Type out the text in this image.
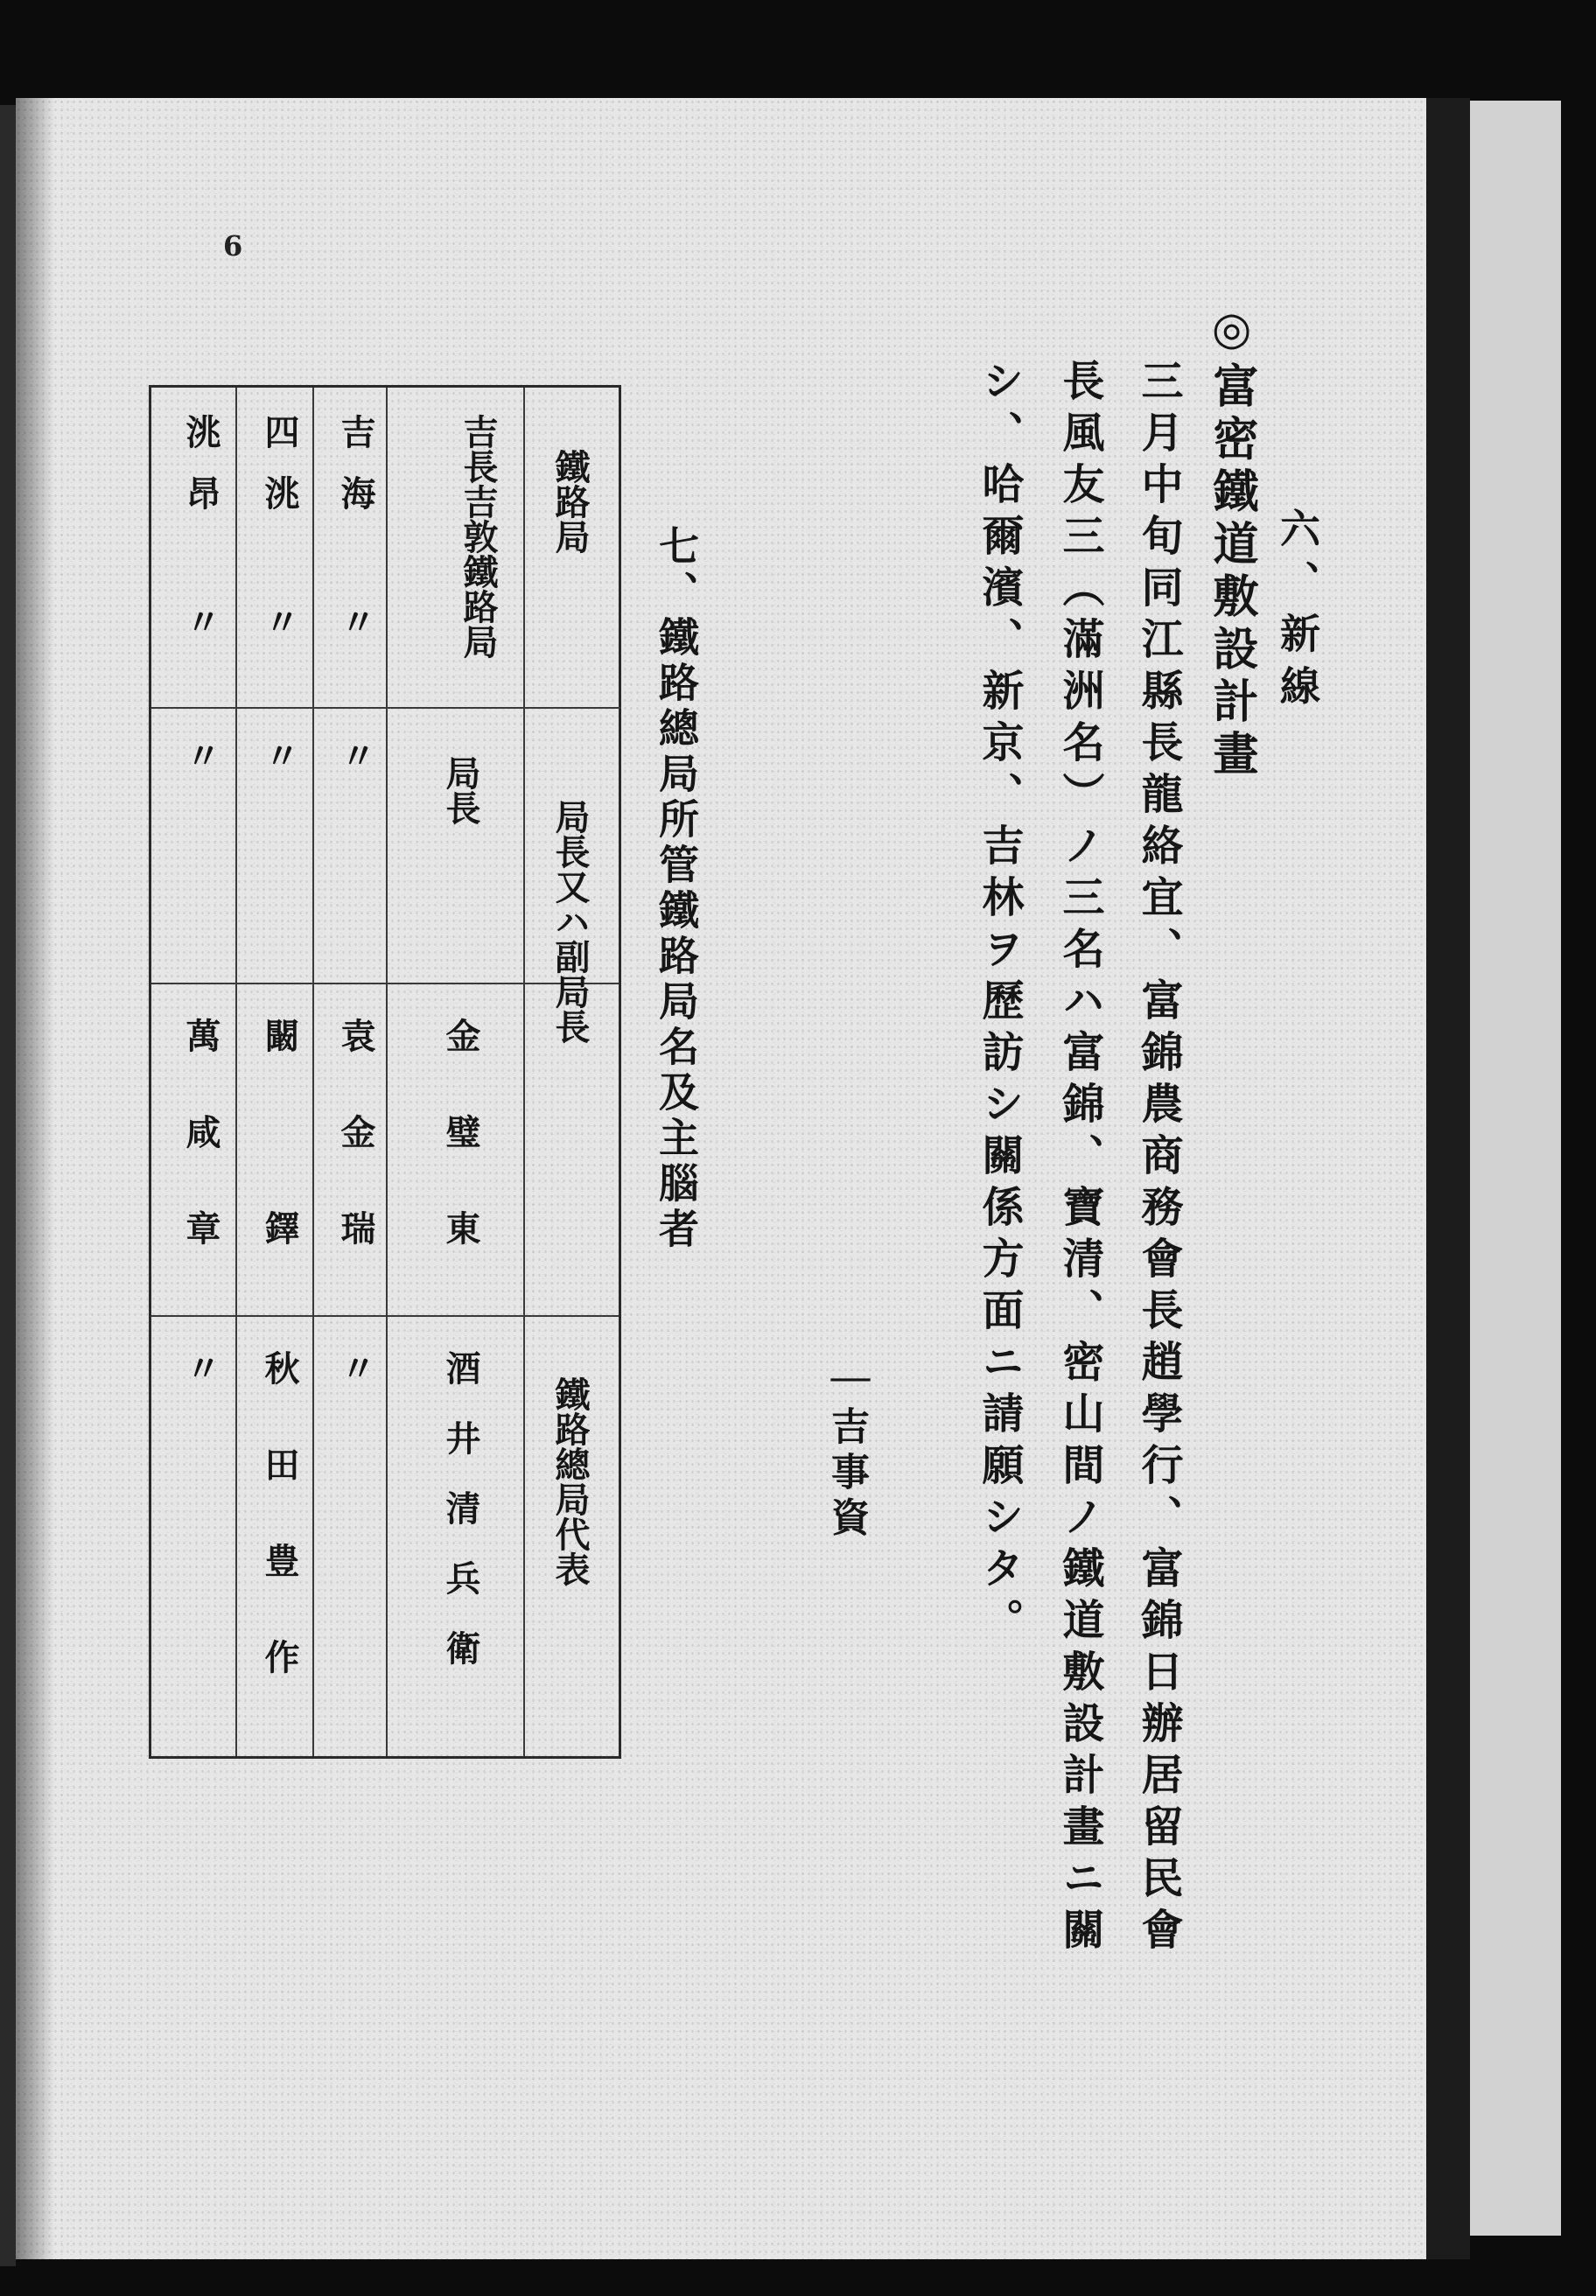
6
六、新線
◎富密鐵道敷設計畫
三月中旬同江縣長龍絡宜、富錦農商務會長趙學行、富錦日辦居留民會
長風友三（滿洲名）ノ三名ハ富錦、寶清、密山間ノ鐵道敷設計畫ニ關
シ、哈爾濱、新京、吉林ヲ歷訪シ關係方面ニ請願シタ。
｜吉事資
七、鐵路總局所管鐵路局名及主腦者
鐵路局
局長又ハ副局長
鐵路總局代表
吉長吉敦鐵路局
局長
金璧東
酒井清兵衛
吉海 〃
〃
袁金瑞
〃
四洮 〃
〃
闞鐸
秋田豊作
洮昂 〃
〃
萬咸章
〃
